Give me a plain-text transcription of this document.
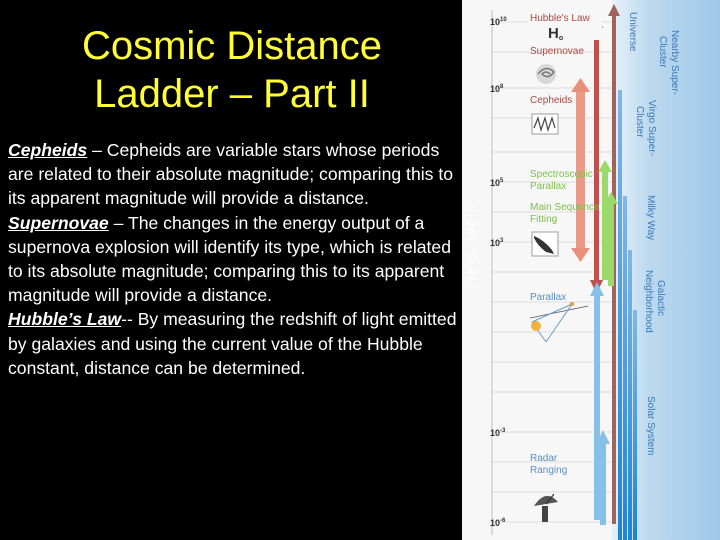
Cosmic Distance
Ladder – Part II

Cepheids – Cepheids are variable stars whose periods are related to their absolute magnitude; comparing this to its apparent magnitude will provide a distance.

Supernovae – The changes in the energy output of a supernova explosion will identify its type, which is related to its absolute magnitude; comparing this to its apparent magnitude will provide a distance.

Hubble’s Law-- By measuring the redshift of light emitted by galaxies and using the current value of the Hubble constant, distance can be determined.

$10^{10}$
$10^8$
$10^5$
$10^3$
$10^{-3}$
$10^{-6}$
Light Years
Hubble's Law
Ho
Supernovae
Cepheids
Spectroscopic
Parallax
Main Sequence
Fitting
Parallax
Radar
Ranging
Universe	Nearby Super-
Cluster
Virgo Super-
Cluster
Milky Way
Galactic
Neighborhood
Solar System
